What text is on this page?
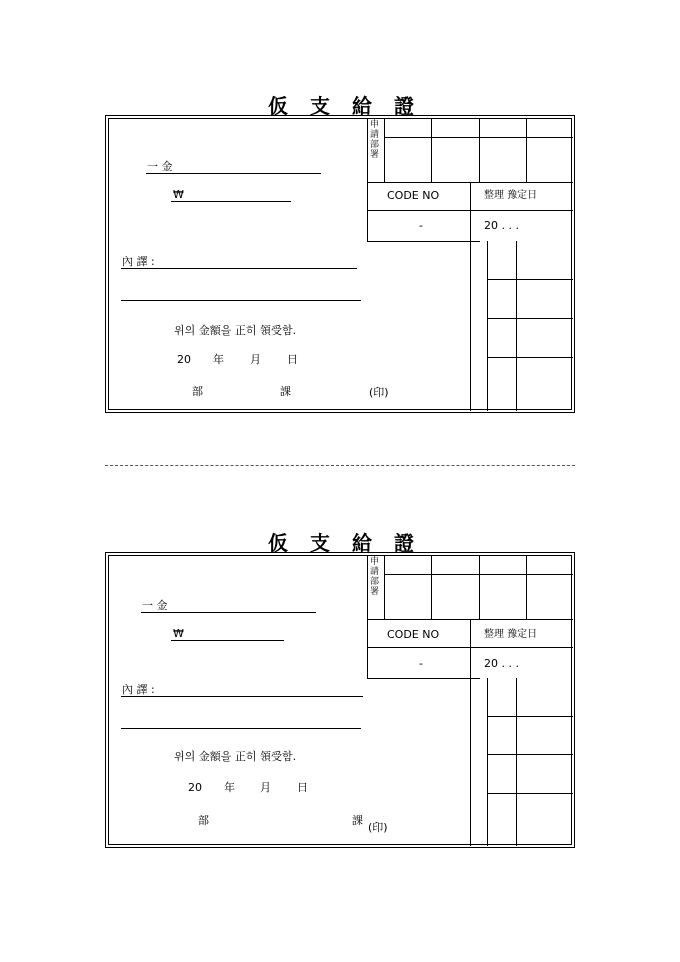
仮 支 給 證
申
請
部
署
CODE NO	整理 豫定日
-	20 . . .
一 金
₩
內 譯 :
위의 金額을 正히 領受함.
20 年 月 日
部	課	(印)
仮 支 給 證
申
請
部
署
CODE NO	整理 豫定日
-	20 . . .
一 金
₩
內 譯 :
위의 金額을 正히 領受함.
20 年 月 日
部	課
(印)
